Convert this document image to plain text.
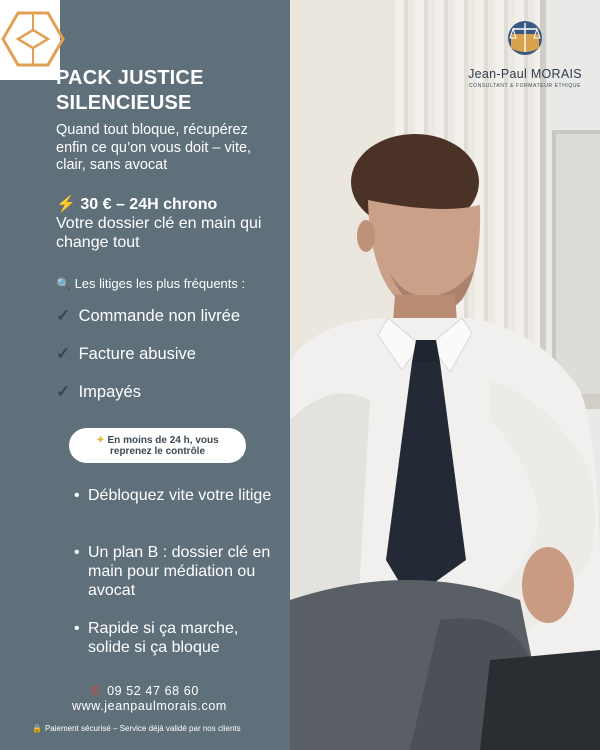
Jean-Paul MORAIS
CONSULTANT & FORMATEUR ETHIQUE
PACK JUSTICE SILENCIEUSE
Quand tout bloque, récupérez enfin ce qu’on vous doit – vite, clair, sans avocat
⚡ 30 € – 24H chrono
Votre dossier clé en main qui change tout
🔍 Les litiges les plus fréquents :
✓ Commande non livrée
✓ Facture abusive
✓ Impayés
✦ En moins de 24 h, vous reprenez le contrôle
• Débloquez vite votre litige
• Un plan B : dossier clé en main pour médiation ou avocat
• Rapide si ça marche, solide si ça bloque
✆ 09 52 47 68 60
www.jeanpaulmorais.com
🔒 Paiement sécurisé – Service déjà validé par nos clients
